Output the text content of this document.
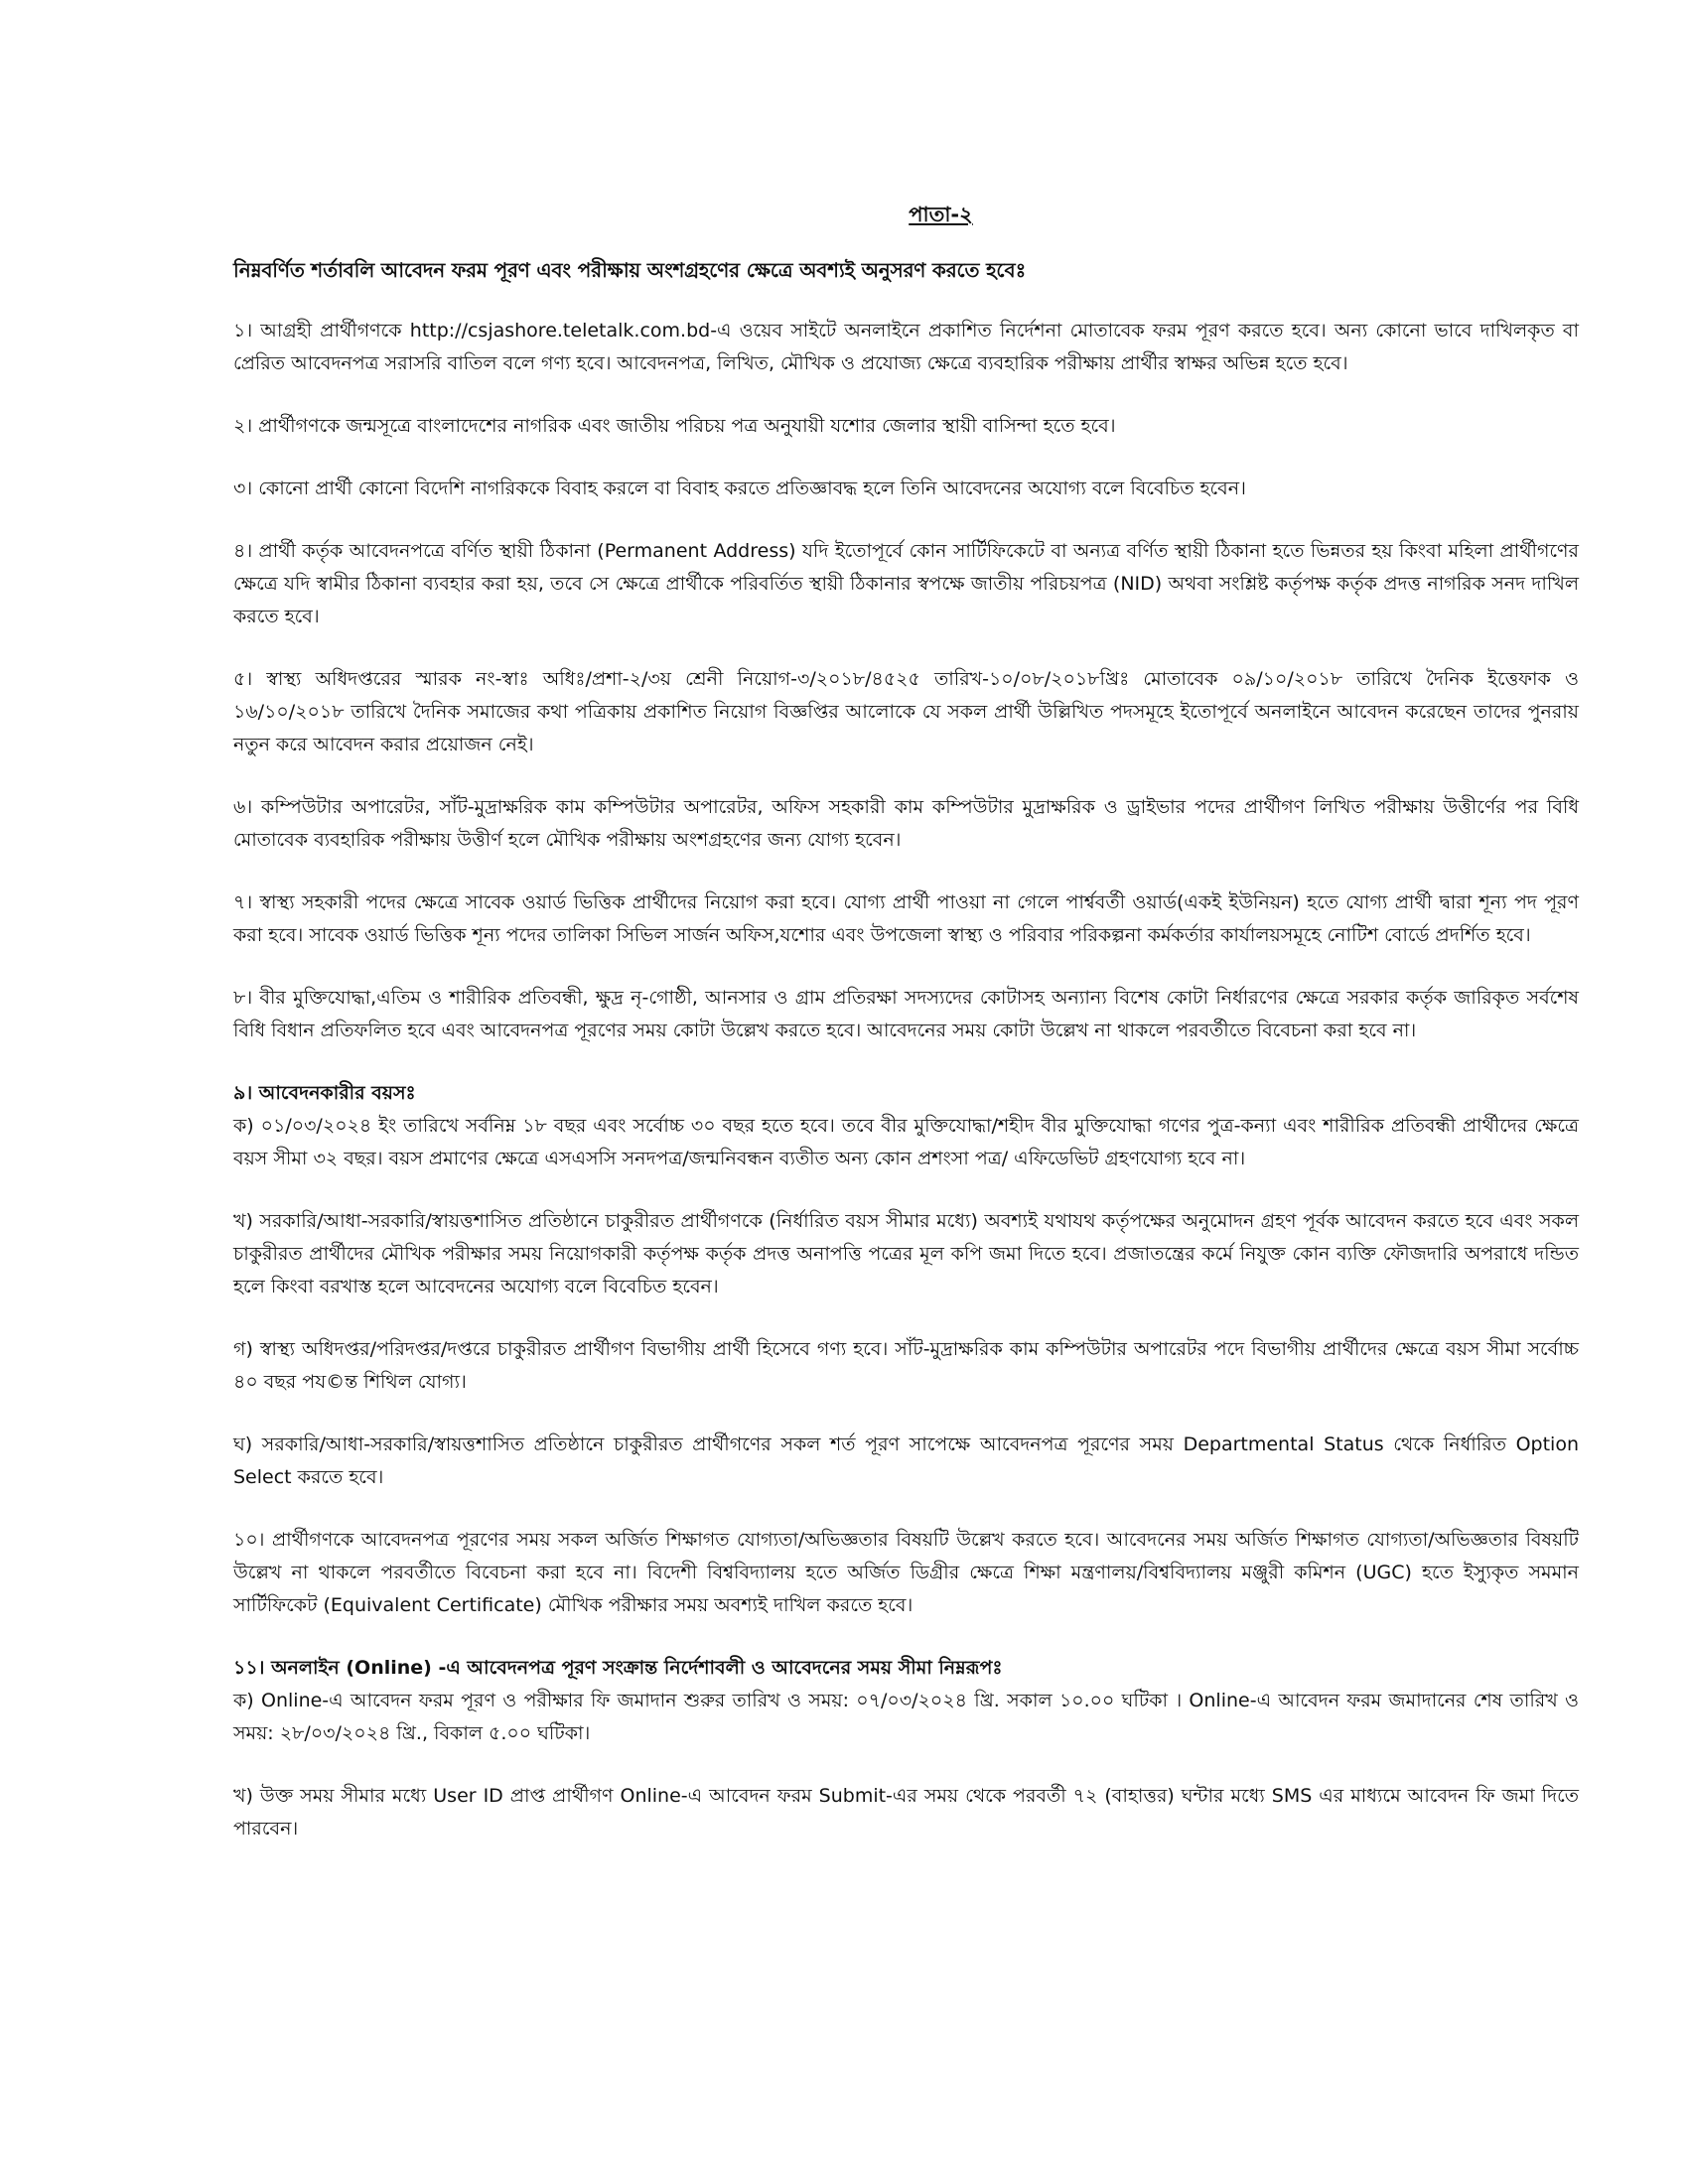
পাতা-২
নিম্নবর্ণিত শর্তাবলি আবেদন ফরম পূরণ এবং পরীক্ষায় অংশগ্রহণের ক্ষেত্রে অবশ্যই অনুসরণ করতে হবেঃ
১। আগ্রহী প্রার্থীগণকে http://csjashore.teletalk.com.bd-এ ওয়েব সাইটে অনলাইনে প্রকাশিত নির্দেশনা মোতাবেক ফরম পূরণ করতে হবে। অন্য কোনো ভাবে দাখিলকৃত বা প্রেরিত আবেদনপত্র সরাসরি বাতিল বলে গণ্য হবে। আবেদনপত্র, লিখিত, মৌখিক ও প্রযোজ্য ক্ষেত্রে ব্যবহারিক পরীক্ষায় প্রার্থীর স্বাক্ষর অভিন্ন হতে হবে।
২। প্রার্থীগণকে জন্মসূত্রে বাংলাদেশের নাগরিক এবং জাতীয় পরিচয় পত্র অনুযায়ী যশোর জেলার স্থায়ী বাসিন্দা হতে হবে।
৩। কোনো প্রার্থী কোনো বিদেশি নাগরিককে বিবাহ করলে বা বিবাহ করতে প্রতিজ্ঞাবদ্ধ হলে তিনি আবেদনের অযোগ্য বলে বিবেচিত হবেন।
৪। প্রার্থী কর্তৃক আবেদনপত্রে বর্ণিত স্থায়ী ঠিকানা (Permanent Address) যদি ইতোপূর্বে কোন সার্টিফিকেটে বা অন্যত্র বর্ণিত স্থায়ী ঠিকানা হতে ভিন্নতর হয় কিংবা মহিলা প্রার্থীগণের ক্ষেত্রে যদি স্বামীর ঠিকানা ব্যবহার করা হয়, তবে সে ক্ষেত্রে প্রার্থীকে পরিবর্তিত স্থায়ী ঠিকানার স্বপক্ষে জাতীয় পরিচয়পত্র (NID) অথবা সংশ্লিষ্ট কর্তৃপক্ষ কর্তৃক প্রদত্ত নাগরিক সনদ দাখিল করতে হবে।
৫। স্বাস্থ্য অধিদপ্তরের স্মারক নং-স্বাঃ অধিঃ/প্রশা-২/৩য় শ্রেনী নিয়োগ-৩/২০১৮/৪৫২৫ তারিখ-১০/০৮/২০১৮খ্রিঃ মোতাবেক ০৯/১০/২০১৮ তারিখে দৈনিক ইত্তেফাক ও ১৬/১০/২০১৮ তারিখে দৈনিক সমাজের কথা পত্রিকায় প্রকাশিত নিয়োগ বিজ্ঞপ্তির আলোকে যে সকল প্রার্থী উল্লিখিত পদসমূহে ইতোপূর্বে অনলাইনে আবেদন করেছেন তাদের পুনরায় নতুন করে আবেদন করার প্রয়োজন নেই।
৬। কম্পিউটার অপারেটর, সাঁট-মুদ্রাক্ষরিক কাম কম্পিউটার অপারেটর, অফিস সহকারী কাম কম্পিউটার মুদ্রাক্ষরিক ও ড্রাইভার পদের প্রার্থীগণ লিখিত পরীক্ষায় উত্তীর্ণের পর বিধি মোতাবেক ব্যবহারিক পরীক্ষায় উত্তীর্ণ হলে মৌখিক পরীক্ষায় অংশগ্রহণের জন্য যোগ্য হবেন।
৭। স্বাস্থ্য সহকারী পদের ক্ষেত্রে সাবেক ওয়ার্ড ভিত্তিক প্রার্থীদের নিয়োগ করা হবে। যোগ্য প্রার্থী পাওয়া না গেলে পার্শ্ববর্তী ওয়ার্ড(একই ইউনিয়ন) হতে যোগ্য প্রার্থী দ্বারা শূন্য পদ পূরণ করা হবে। সাবেক ওয়ার্ড ভিত্তিক শূন্য পদের তালিকা সিভিল সার্জন অফিস,যশোর এবং উপজেলা স্বাস্থ্য ও পরিবার পরিকল্পনা কর্মকর্তার কার্যালয়সমূহে নোটিশ বোর্ডে প্রদর্শিত হবে।
৮। বীর মুক্তিযোদ্ধা,এতিম ও শারীরিক প্রতিবন্ধী, ক্ষুদ্র নৃ-গোষ্ঠী, আনসার ও গ্রাম প্রতিরক্ষা সদস্যদের কোটাসহ অন্যান্য বিশেষ কোটা নির্ধারণের ক্ষেত্রে সরকার কর্তৃক জারিকৃত সর্বশেষ বিধি বিধান প্রতিফলিত হবে এবং আবেদনপত্র পূরণের সময় কোটা উল্লেখ করতে হবে। আবেদনের সময় কোটা উল্লেখ না থাকলে পরবর্তীতে বিবেচনা করা হবে না।
৯। আবেদনকারীর বয়সঃ
ক) ০১/০৩/২০২৪ ইং তারিখে সর্বনিম্ন ১৮ বছর এবং সর্বোচ্চ ৩০ বছর হতে হবে। তবে বীর মুক্তিযোদ্ধা/শহীদ বীর মুক্তিযোদ্ধা গণের পুত্র-কন্যা এবং শারীরিক প্রতিবন্ধী প্রার্থীদের ক্ষেত্রে বয়স সীমা ৩২ বছর। বয়স প্রমাণের ক্ষেত্রে এসএসসি সনদপত্র/জন্মনিবন্ধন ব্যতীত অন্য কোন প্রশংসা পত্র/ এফিডেভিট গ্রহণযোগ্য হবে না।
খ) সরকারি/আধা-সরকারি/স্বায়ত্তশাসিত প্রতিষ্ঠানে চাকুরীরত প্রার্থীগণকে (নির্ধারিত বয়স সীমার মধ্যে) অবশ্যই যথাযথ কর্তৃপক্ষের অনুমোদন গ্রহণ পূর্বক আবেদন করতে হবে এবং সকল চাকুরীরত প্রার্থীদের মৌখিক পরীক্ষার সময় নিয়োগকারী কর্তৃপক্ষ কর্তৃক প্রদত্ত অনাপত্তি পত্রের মূল কপি জমা দিতে হবে। প্রজাতন্ত্রের কর্মে নিযুক্ত কোন ব্যক্তি ফৌজদারি অপরাধে দন্ডিত হলে কিংবা বরখাস্ত হলে আবেদনের অযোগ্য বলে বিবেচিত হবেন।
গ) স্বাস্থ্য অধিদপ্তর/পরিদপ্তর/দপ্তরে চাকুরীরত প্রার্থীগণ বিভাগীয় প্রার্থী হিসেবে গণ্য হবে। সাঁট-মুদ্রাক্ষরিক কাম কম্পিউটার অপারেটর পদে বিভাগীয় প্রার্থীদের ক্ষেত্রে বয়স সীমা সর্বোচ্চ ৪০ বছর পয©ন্ত শিথিল যোগ্য।
ঘ) সরকারি/আধা-সরকারি/স্বায়ত্তশাসিত প্রতিষ্ঠানে চাকুরীরত প্রার্থীগণের সকল শর্ত পূরণ সাপেক্ষে আবেদনপত্র পূরণের সময় Departmental Status থেকে নির্ধারিত Option Select করতে হবে।
১০। প্রার্থীগণকে আবেদনপত্র পূরণের সময় সকল অর্জিত শিক্ষাগত যোগ্যতা/অভিজ্ঞতার বিষয়টি উল্লেখ করতে হবে। আবেদনের সময় অর্জিত শিক্ষাগত যোগ্যতা/অভিজ্ঞতার বিষয়টি উল্লেখ না থাকলে পরবর্তীতে বিবেচনা করা হবে না। বিদেশী বিশ্ববিদ্যালয় হতে অর্জিত ডিগ্রীর ক্ষেত্রে শিক্ষা মন্ত্রণালয়/বিশ্ববিদ্যালয় মঞ্জুরী কমিশন (UGC) হতে ইস্যুকৃত সমমান সার্টিফিকেট (Equivalent Certificate) মৌখিক পরীক্ষার সময় অবশ্যই দাখিল করতে হবে।
১১। অনলাইন (Online) -এ আবেদনপত্র পূরণ সংক্রান্ত নির্দেশাবলী ও আবেদনের সময় সীমা নিম্নরূপঃ
ক) Online-এ আবেদন ফরম পূরণ ও পরীক্ষার ফি জমাদান শুরুর তারিখ ও সময়: ০৭/০৩/২০২৪ খ্রি. সকাল ১০.০০ ঘটিকা । Online-এ আবেদন ফরম জমাদানের শেষ তারিখ ও সময়: ২৮/০৩/২০২৪ খ্রি., বিকাল ৫.০০ ঘটিকা।
খ) উক্ত সময় সীমার মধ্যে User ID প্রাপ্ত প্রার্থীগণ Online-এ আবেদন ফরম Submit-এর সময় থেকে পরবর্তী ৭২ (বাহাত্তর) ঘন্টার মধ্যে SMS এর মাধ্যমে আবেদন ফি জমা দিতে পারবেন।
